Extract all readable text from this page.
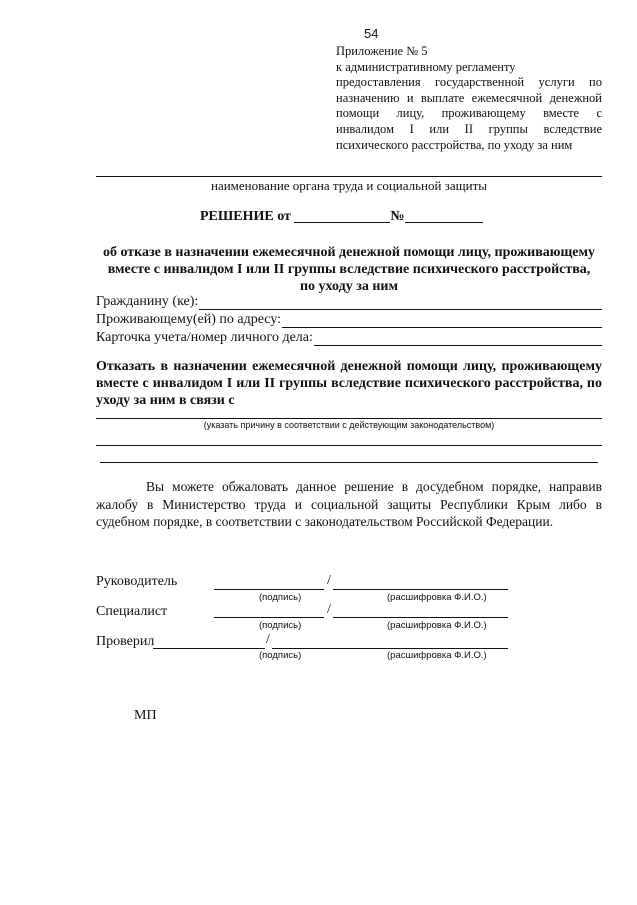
54
Приложение № 5
к административному регламенту
предоставления государственной услуги по
назначению и выплате ежемесячной денежной
помощи лицу, проживающему вместе с
инвалидом I или II группы вследствие
психического расстройства, по уходу за ним
наименование органа труда и социальной защиты
РЕШЕНИЕ от	№
об отказе в назначении ежемесячной денежной помощи лицу, проживающему
вместе с инвалидом I или II группы вследствие психического расстройства,
по уходу за ним
Гражданину (ке):
Проживающему(ей) по адресу:
Карточка учета/номер личного дела:
Отказать в назначении ежемесячной денежной помощи лицу, проживающему
вместе с инвалидом I или II группы вследствие психического расстройства, по
уходу за ним в связи с
(указать причину в соответствии с действующим законодательством)
Вы можете обжаловать данное решение в досудебном порядке, направив
жалобу в Министерство труда и социальной защиты Республики Крым либо в
судебном порядке, в соответствии с законодательством Российской Федерации.
Руководитель	/
(подпись)	(расшифровка Ф.И.О.)
Специалист	/
(подпись)	(расшифровка Ф.И.О.)
Проверил	/
(подпись)	(расшифровка Ф.И.О.)
МП
